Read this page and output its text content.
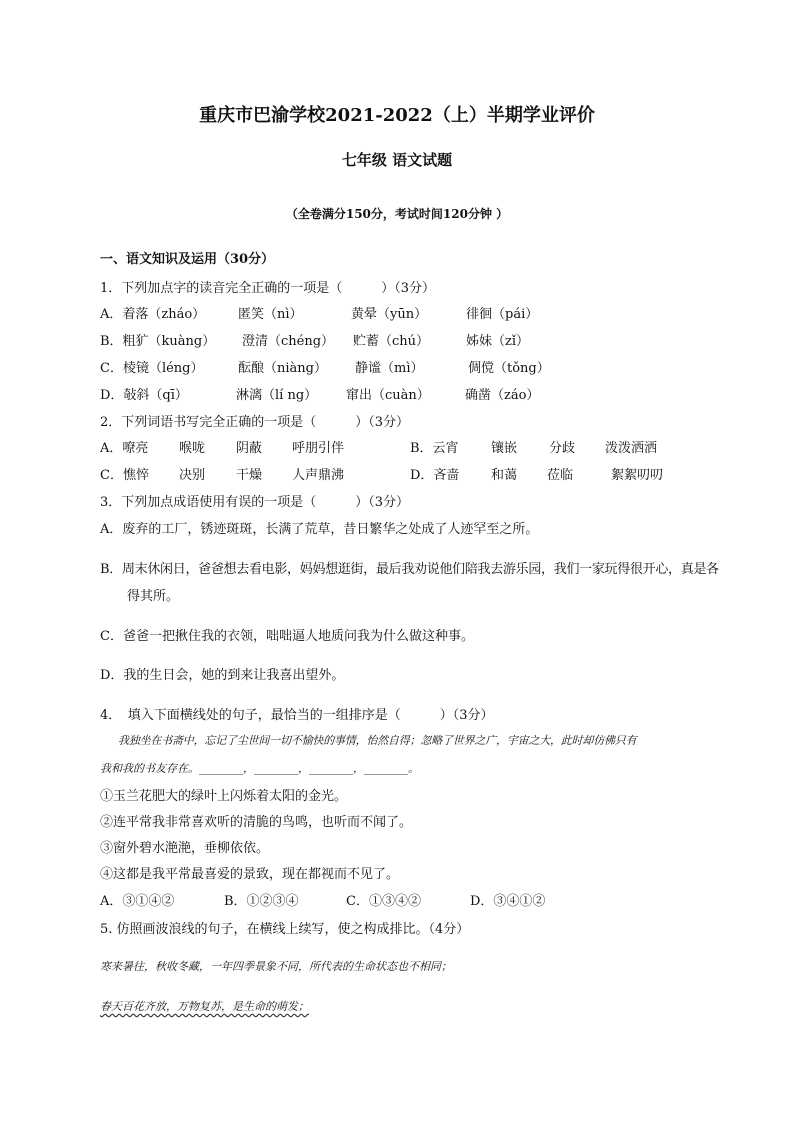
重庆市巴渝学校2021-2022（上）半期学业评价
七年级 语文试题
（全卷满分150分，考试时间120分钟 ）
一、语文知识及运用（30分）
1．下列加点字的读音完全正确的一项是（　　　）（3分）
A．着落（zháo）	匿笑（nì）	黄晕（yūn）	徘徊（pái）
B．粗犷（kuàng） 澄清（chéng） 贮蓄（chú）	姊妹（zǐ）
C．棱镜（léng）	酝酿（niàng） 静谧（mì）	倜傥（tǒng）
D．敧斜（qī）	淋漓（lí ng） 窜出（cuàn）	确凿（záo）
2．下列词语书写完全正确的一项是（　　　）（3分）
A．嘹亮 喉咙 阴蔽 呼朋引伴	B．云宵 镶嵌 分歧 泼泼洒洒
C．憔悴 决别 干燥 人声鼎沸	D．吝啬 和蔼 莅临	絮絮叨叨
3．下列加点成语使用有误的一项是（　　　）（3分）
A．废弃的工厂，锈迹斑斑，长满了荒草，昔日繁华之处成了人迹罕至之所。
B．周末休闲日，爸爸想去看电影，妈妈想逛街，最后我劝说他们陪我去游乐园，我们一家玩得很开心，真是各
得其所。
C．爸爸一把揪住我的衣领，咄咄逼人地质问我为什么做这种事。
D．我的生日会，她的到来让我喜出望外。
4．　填入下面横线处的句子，最恰当的一组排序是（　　　）（3分）
我独坐在书斋中，忘记了尘世间一切不愉快的事情，怡然自得；忽略了世界之广，宇宙之大，此时却仿佛只有
我和我的书友存在。________，________，________，________。
①玉兰花肥大的绿叶上闪烁着太阳的金光。
②连平常我非常喜欢听的清脆的鸟鸣，也听而不闻了。
③窗外碧水滟滟，垂柳依依。
④这都是我平常最喜爱的景致，现在都视而不见了。
A．③①④②	B．①②③④	C．①③④②	D．③④①②
5. 仿照画波浪线的句子，在横线上续写，使之构成排比。（4分）
寒来暑往，秋收冬藏，一年四季景象不同，所代表的生命状态也不相同；
春天百花齐放，万物复苏，是生命的萌发；
